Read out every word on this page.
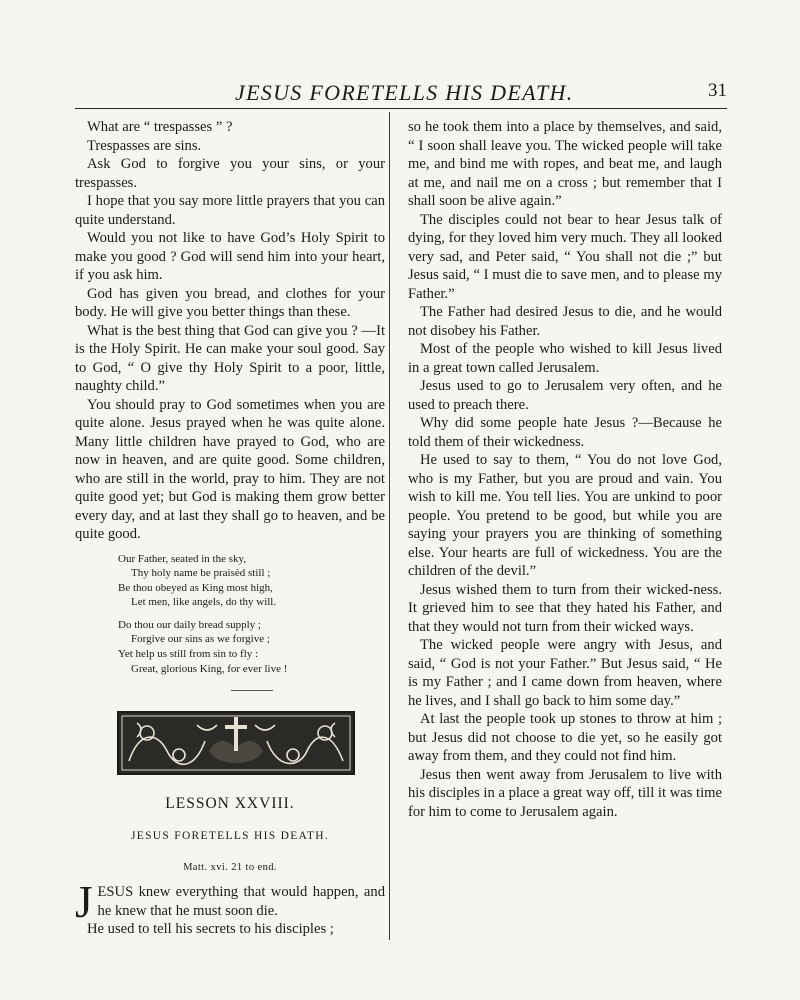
JESUS FORETELLS HIS DEATH.	31

What are “ trespasses ” ?

Trespasses are sins.

Ask God to forgive you your sins, or your trespasses.

I hope that you say more little prayers that you can quite understand.

Would you not like to have God’s Holy Spirit to make you good ? God will send him into your heart, if you ask him.

God has given you bread, and clothes for your body. He will give you better things than these.

What is the best thing that God can give you ? —It is the Holy Spirit. He can make your soul good. Say to God, “ O give thy Holy Spirit to a poor, little, naughty child.”

You should pray to God sometimes when you are quite alone. Jesus prayed when he was quite alone. Many little children have prayed to God, who are now in heaven, and are quite good. Some children, who are still in the world, pray to him. They are not quite good yet; but God is making them grow better every day, and at last they shall go to heaven, and be quite good.

Our Father, seated in the sky,
Thy holy name be praisèd still ;
Be thou obeyed as King most high,
Let men, like angels, do thy will.
Do thou our daily bread supply ;
Forgive our sins as we forgive ;
Yet help us still from sin to fly :
Great, glorious King, for ever live !
LESSON XXVIII.
JESUS FORETELLS HIS DEATH.
Matt. xvi. 21 to end.
J ESUS knew everything that would happen, and he knew that he must soon die.

He used to tell his secrets to his disciples ;

so he took them into a place by themselves, and said, “ I soon shall leave you. The wicked people will take me, and bind me with ropes, and beat me, and laugh at me, and nail me on a cross ; but remember that I shall soon be alive again.”

The disciples could not bear to hear Jesus talk of dying, for they loved him very much. They all looked very sad, and Peter said, “ You shall not die ;” but Jesus said, “ I must die to save men, and to please my Father.”

The Father had desired Jesus to die, and he would not disobey his Father.

Most of the people who wished to kill Jesus lived in a great town called Jerusalem.

Jesus used to go to Jerusalem very often, and he used to preach there.

Why did some people hate Jesus ?—Because he told them of their wickedness.

He used to say to them, “ You do not love God, who is my Father, but you are proud and vain. You wish to kill me. You tell lies. You are unkind to poor people. You pretend to be good, but while you are saying your prayers you are thinking of something else. Your hearts are full of wickedness. You are the children of the devil.”

Jesus wished them to turn from their wicked-ness. It grieved him to see that they hated his Father, and that they would not turn from their wicked ways.

The wicked people were angry with Jesus, and said, “ God is not your Father.” But Jesus said, “ He is my Father ; and I came down from heaven, where he lives, and I shall go back to him some day.”

At last the people took up stones to throw at him ; but Jesus did not choose to die yet, so he easily got away from them, and they could not find him.

Jesus then went away from Jerusalem to live with his disciples in a place a great way off, till it was time for him to come to Jerusalem again.
